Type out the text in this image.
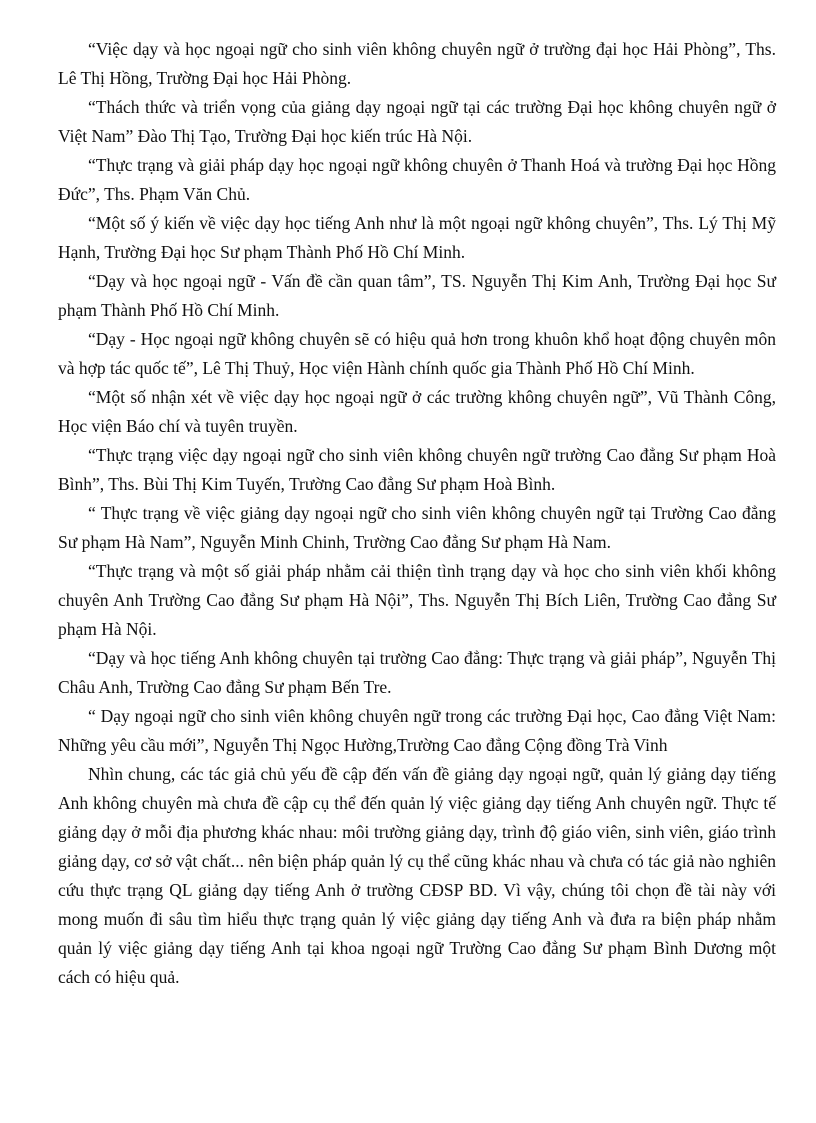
“Việc dạy và học ngoại ngữ cho sinh viên không chuyên ngữ ở trường đại học Hải Phòng”, Ths. Lê Thị Hồng, Trường Đại học Hải Phòng.

“Thách thức và triển vọng của giảng dạy ngoại ngữ tại các trường Đại học không chuyên ngữ ở Việt Nam” Đào Thị Tạo, Trường Đại học kiến trúc Hà Nội.

“Thực trạng và giải pháp dạy học ngoại ngữ không chuyên ở Thanh Hoá và trường Đại học Hồng Đức”, Ths. Phạm Văn Chủ.

“Một số ý kiến về việc dạy học tiếng Anh như là một ngoại ngữ không chuyên”, Ths. Lý Thị Mỹ Hạnh, Trường Đại học Sư phạm Thành Phố Hồ Chí Minh.

“Dạy và học ngoại ngữ - Vấn đề cần quan tâm”, TS. Nguyễn Thị Kim Anh, Trường Đại học Sư phạm Thành Phố Hồ Chí Minh.

“Dạy - Học ngoại ngữ không chuyên sẽ có hiệu quả hơn trong khuôn khổ hoạt động chuyên môn và hợp tác quốc tế”, Lê Thị Thuỷ, Học viện Hành chính quốc gia Thành Phố Hồ Chí Minh.

“Một số nhận xét về việc dạy học ngoại ngữ ở các trường không chuyên ngữ”, Vũ Thành Công, Học viện Báo chí và tuyên truyền.

“Thực trạng việc dạy ngoại ngữ cho sinh viên không chuyên ngữ trường Cao đẳng Sư phạm Hoà Bình”, Ths. Bùi Thị Kim Tuyến, Trường Cao đẳng Sư phạm Hoà Bình.

“ Thực trạng về việc giảng dạy ngoại ngữ cho sinh viên không chuyên ngữ tại Trường Cao đẳng Sư phạm Hà Nam”, Nguyễn Minh Chinh, Trường Cao đẳng Sư phạm Hà Nam.

“Thực trạng và một số giải pháp nhằm cải thiện tình trạng dạy và học cho sinh viên khối không chuyên Anh Trường Cao đẳng Sư phạm Hà Nội”, Ths. Nguyễn Thị Bích Liên, Trường Cao đẳng Sư phạm Hà Nội.

“Dạy và học tiếng Anh không chuyên tại trường Cao đẳng: Thực trạng và giải pháp”, Nguyễn Thị Châu Anh, Trường Cao đẳng Sư phạm Bến Tre.

“ Dạy ngoại ngữ cho sinh viên không chuyên ngữ trong các trường Đại học, Cao đẳng Việt Nam: Những yêu cầu mới”, Nguyễn Thị Ngọc Hường,Trường Cao đẳng Cộng đồng Trà Vinh

Nhìn chung, các tác giả chủ yếu đề cập đến vấn đề giảng dạy ngoại ngữ, quản lý giảng dạy tiếng Anh không chuyên mà chưa đề cập cụ thể đến quản lý việc giảng dạy tiếng Anh chuyên ngữ. Thực tế giảng dạy ở mỗi địa phương khác nhau: môi trường giảng dạy, trình độ giáo viên, sinh viên, giáo trình giảng dạy, cơ sở vật chất... nên biện pháp quản lý cụ thể cũng khác nhau và chưa có tác giả nào nghiên cứu thực trạng QL giảng dạy tiếng Anh ở trường CĐSP BD. Vì vậy, chúng tôi chọn đề tài này với mong muốn đi sâu tìm hiểu thực trạng quản lý việc giảng dạy tiếng Anh và đưa ra biện pháp nhằm quản lý việc giảng dạy tiếng Anh tại khoa ngoại ngữ Trường Cao đẳng Sư phạm Bình Dương một cách có hiệu quả.
